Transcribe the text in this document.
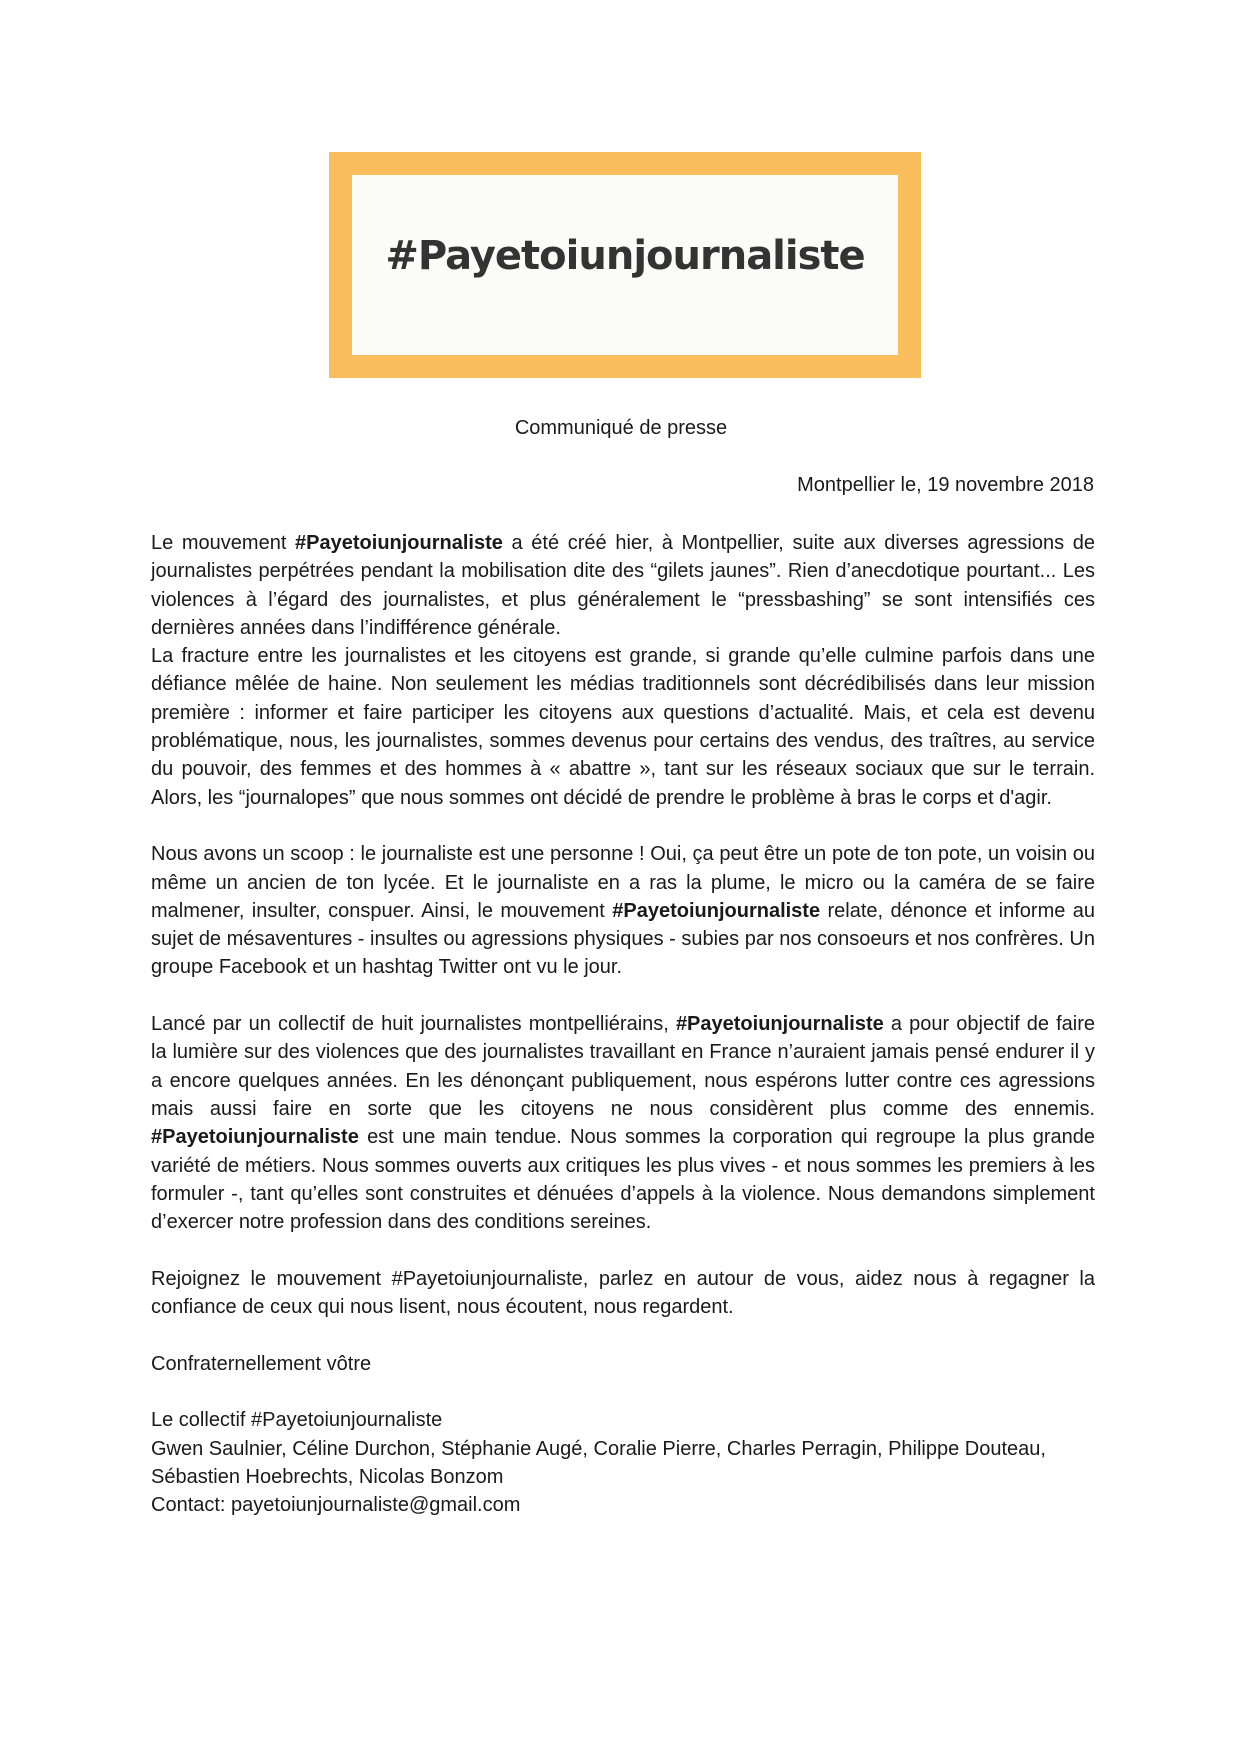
#Payetoiunjournaliste
Communiqué de presse
Montpellier le, 19 novembre 2018

Le mouvement #Payetoiunjournaliste a été créé hier, à Montpellier, suite aux diverses agressions de journalistes perpétrées pendant la mobilisation dite des “gilets jaunes”. Rien d’anecdotique pourtant... Les violences à l’égard des journalistes, et plus généralement le “pressbashing” se sont intensifiés ces dernières années dans l’indifférence générale.

La fracture entre les journalistes et les citoyens est grande, si grande qu’elle culmine parfois dans une défiance mêlée de haine. Non seulement les médias traditionnels sont décrédibilisés dans leur mission première : informer et faire participer les citoyens aux questions d’actualité. Mais, et cela est devenu problématique, nous, les journalistes, sommes devenus pour certains des vendus, des traîtres, au service du pouvoir, des femmes et des hommes à « abattre », tant sur les réseaux sociaux que sur le terrain. Alors, les “journalopes” que nous sommes ont décidé de prendre le problème à bras le corps et d'agir.

Nous avons un scoop : le journaliste est une personne ! Oui, ça peut être un pote de ton pote, un voisin ou même un ancien de ton lycée. Et le journaliste en a ras la plume, le micro ou la caméra de se faire malmener, insulter, conspuer. Ainsi, le mouvement #Payetoiunjournaliste relate, dénonce et informe au sujet de mésaventures - insultes ou agressions physiques - subies par nos consoeurs et nos confrères. Un groupe Facebook et un hashtag Twitter ont vu le jour.

Lancé par un collectif de huit journalistes montpelliérains, #Payetoiunjournaliste a pour objectif de faire la lumière sur des violences que des journalistes travaillant en France n’auraient jamais pensé endurer il y a encore quelques années. En les dénonçant publiquement, nous espérons lutter contre ces agressions mais aussi faire en sorte que les citoyens ne nous considèrent plus comme des ennemis. #Payetoiunjournaliste est une main tendue. Nous sommes la corporation qui regroupe la plus grande variété de métiers. Nous sommes ouverts aux critiques les plus vives - et nous sommes les premiers à les formuler -, tant qu’elles sont construites et dénuées d’appels à la violence. Nous demandons simplement d’exercer notre profession dans des conditions sereines.

Rejoignez le mouvement #Payetoiunjournaliste, parlez en autour de vous, aidez nous à regagner la confiance de ceux qui nous lisent, nous écoutent, nous regardent.

Confraternellement vôtre

Le collectif #Payetoiunjournaliste
Gwen Saulnier, Céline Durchon, Stéphanie Augé, Coralie Pierre, Charles Perragin, Philippe Douteau,
Sébastien Hoebrechts, Nicolas Bonzom
Contact: payetoiunjournaliste@gmail.com
